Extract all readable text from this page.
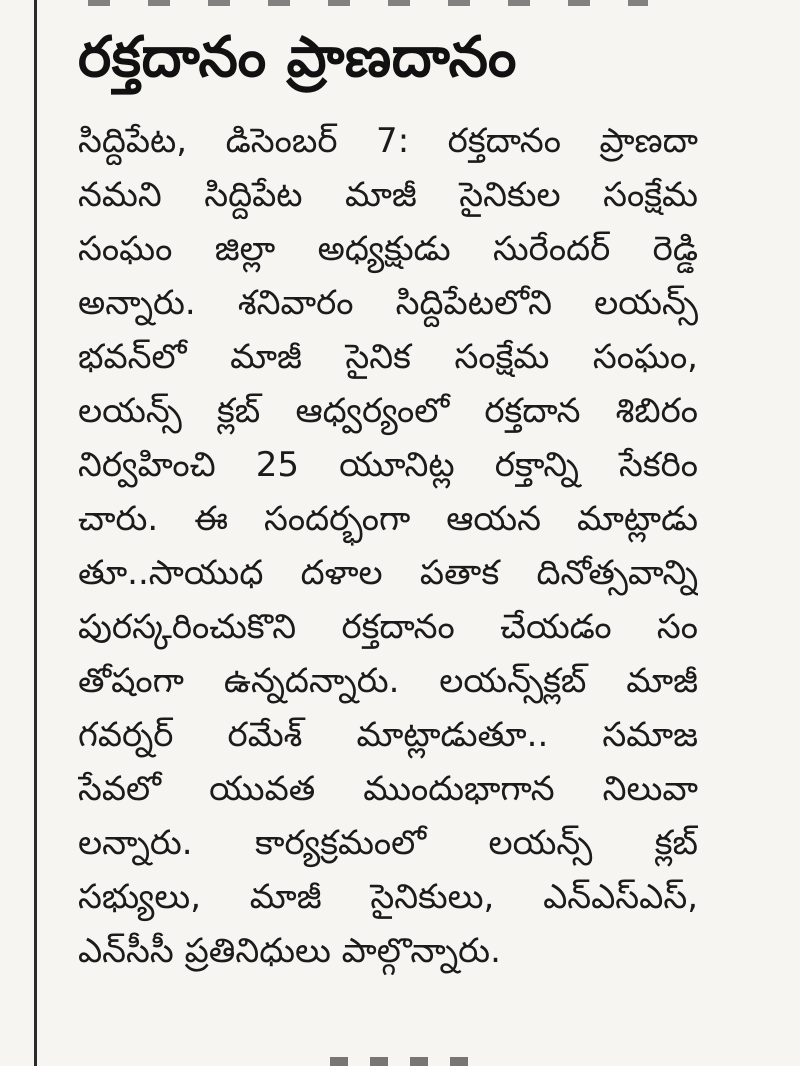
రక్తదానం ప్రాణదానం
సిద్దిపేట, డిసెంబర్ 7: రక్తదానం ప్రాణదా
నమని సిద్దిపేట మాజీ సైనికుల సంక్షేమ
సంఘం జిల్లా అధ్యక్షుడు సురేందర్ రెడ్డి
అన్నారు. శనివారం సిద్దిపేటలోని లయన్స్
భవన్‌లో మాజీ సైనిక సంక్షేమ సంఘం,
లయన్స్ క్లబ్ ఆధ్వర్యంలో రక్తదాన శిబిరం
నిర్వహించి 25 యూనిట్ల రక్తాన్ని సేకరిం
చారు. ఈ సందర్భంగా ఆయన మాట్లాడు
తూ..సాయుధ దళాల పతాక దినోత్సవాన్ని
పురస్కరించుకొని రక్తదానం చేయడం సం
తోషంగా ఉన్నదన్నారు. లయన్స్‌క్లబ్ మాజీ
గవర్నర్ రమేశ్ మాట్లాడుతూ.. సమాజ
సేవలో యువత ముందుభాగాన నిలువా
లన్నారు. కార్యక్రమంలో లయన్స్ క్లబ్
సభ్యులు, మాజీ సైనికులు, ఎన్‌ఎస్‌ఎస్,
ఎన్‌సీసీ ప్రతినిధులు పాల్గొన్నారు.
